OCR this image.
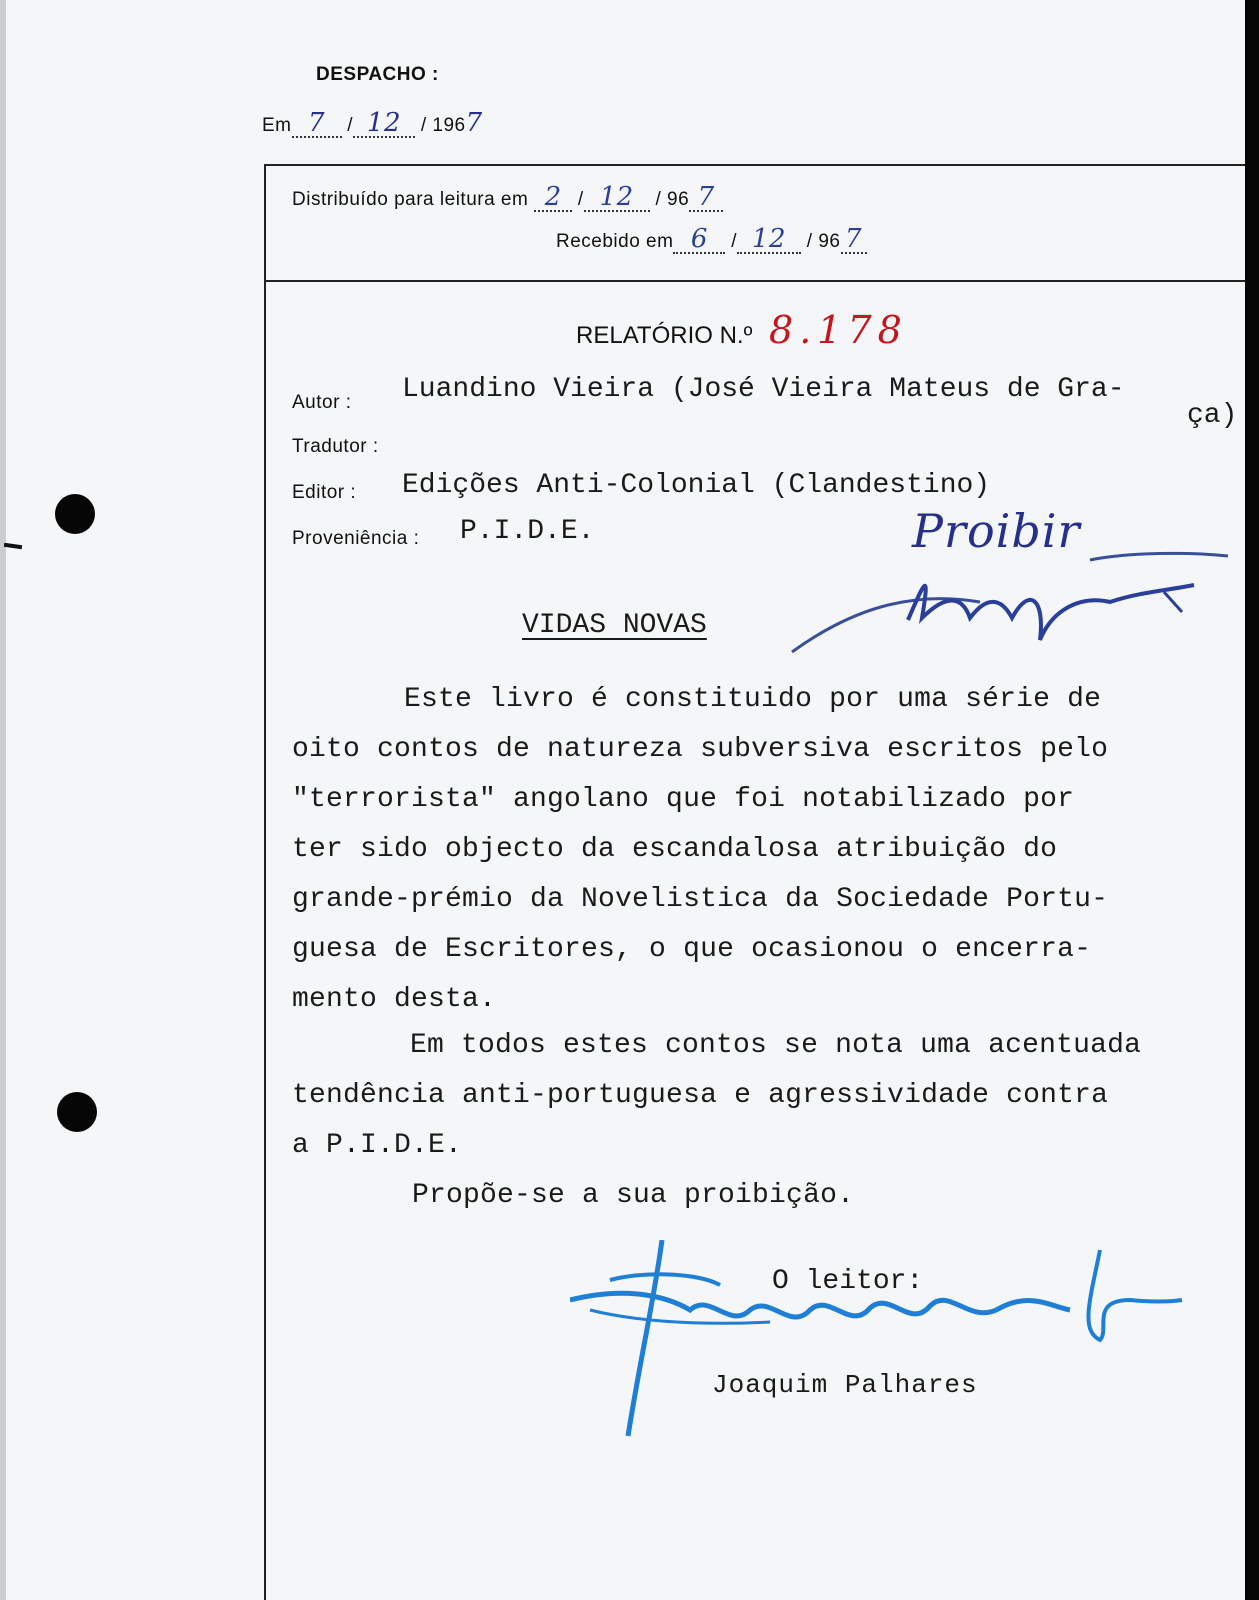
DESPACHO :
Em 7 / 12 / 1967
Distribuído para leitura em 2 / 12 / 96 7
Recebido em 6 / 12 / 96 7
RELATÓRIO N.º 8.178
Autor : Luandino Vieira (José Vieira Mateus de Gra-
ça)
Tradutor :
Editor : Edições Anti-Colonial (Clandestino)
Proveniência : P.I.D.E.	Proibir
VIDAS NOVAS
Este livro é constituido por uma série de
oito contos de natureza subversiva escritos pelo
"terrorista" angolano que foi notabilizado por
ter sido objecto da escandalosa atribuição do
grande-prémio da Novelistica da Sociedade Portu-
guesa de Escritores, o que ocasionou o encerra-
mento desta.
Em todos estes contos se nota uma acentuada
tendência anti-portuguesa e agressividade contra
a P.I.D.E.
Propõe-se a sua proibição.
O leitor:
Joaquim Palhares
